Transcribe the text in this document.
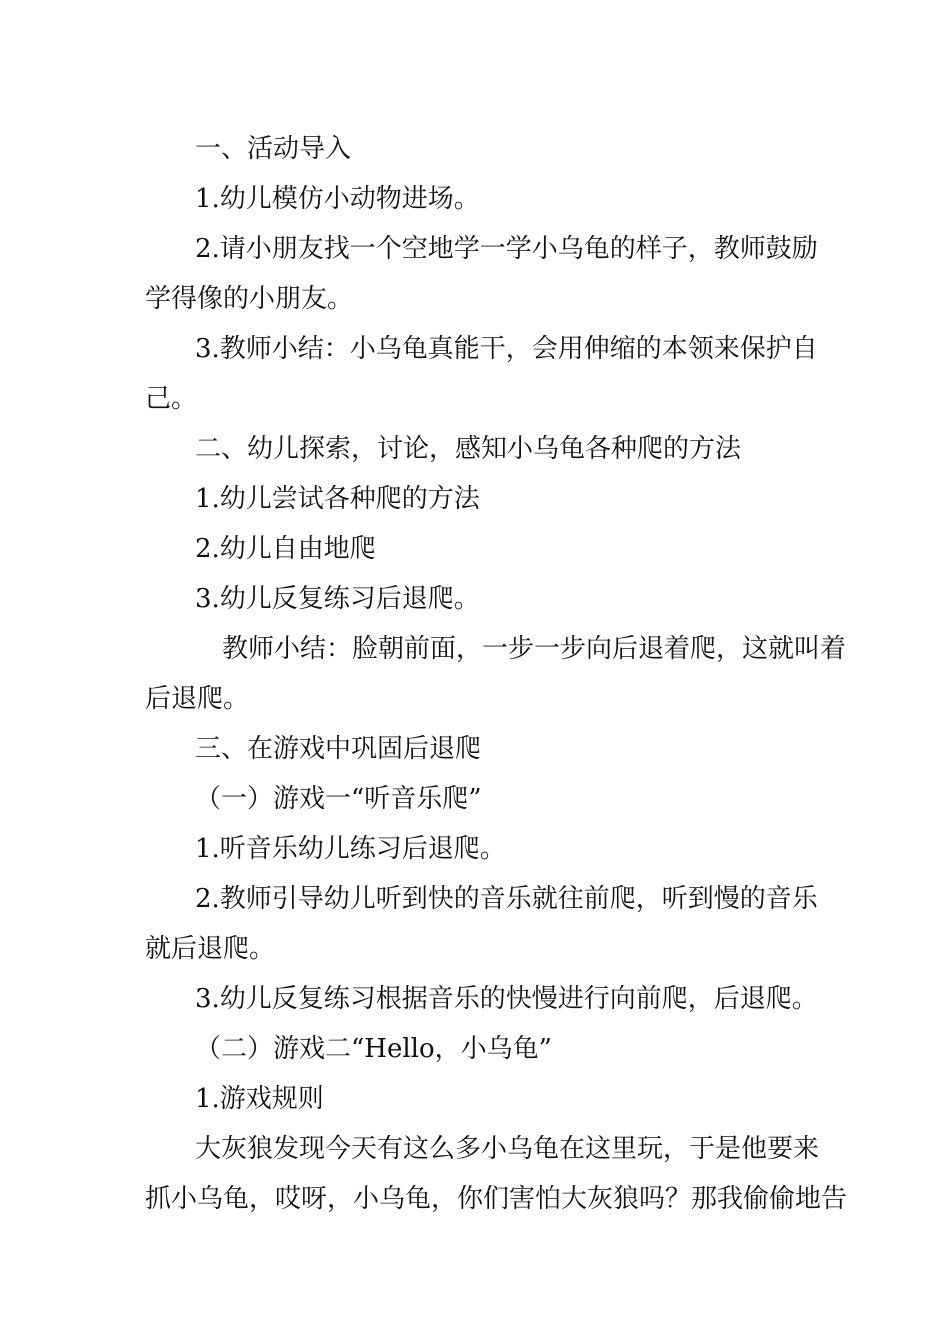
一、活动导入
1.幼儿模仿小动物进场。
2.请小朋友找一个空地学一学小乌龟的样子，教师鼓励
学得像的小朋友。
3.教师小结：小乌龟真能干，会用伸缩的本领来保护自
己。
二、幼儿探索，讨论，感知小乌龟各种爬的方法
1.幼儿尝试各种爬的方法
2.幼儿自由地爬
3.幼儿反复练习后退爬。
教师小结：脸朝前面，一步一步向后退着爬，这就叫着
后退爬。
三、在游戏中巩固后退爬
（一）游戏一“听音乐爬”
1.听音乐幼儿练习后退爬。
2.教师引导幼儿听到快的音乐就往前爬，听到慢的音乐
就后退爬。
3.幼儿反复练习根据音乐的快慢进行向前爬，后退爬。
（二）游戏二“Hello，小乌龟”
1.游戏规则
大灰狼发现今天有这么多小乌龟在这里玩，于是他要来
抓小乌龟，哎呀，小乌龟，你们害怕大灰狼吗？那我偷偷地告
